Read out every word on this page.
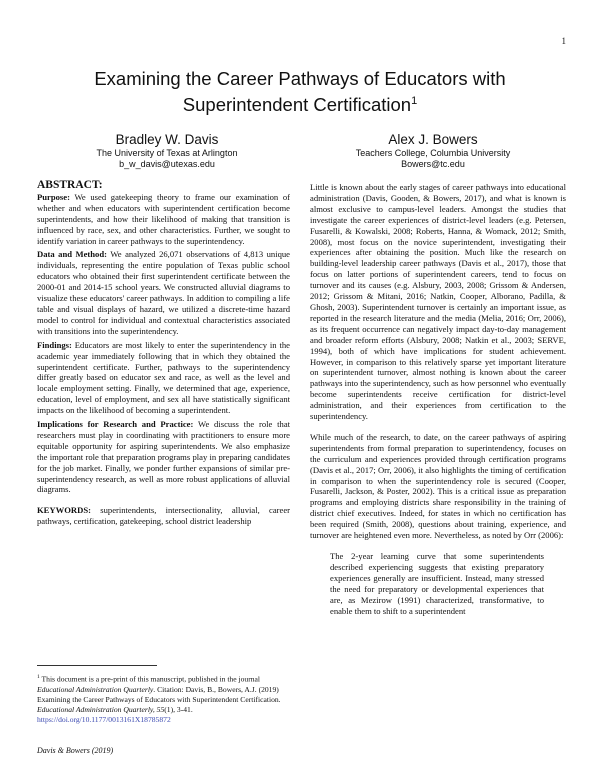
1
Examining the Career Pathways of Educators with
Superintendent Certification$^1$
Bradley W. Davis
The University of Texas at Arlington
b_w_davis@utexas.edu
Alex J. Bowers
Teachers College, Columbia University
Bowers@tc.edu
ABSTRACT:

Purpose: We used gatekeeping theory to frame our examination of whether and when educators with superintendent certification become superintendents, and how their likelihood of making that transition is influenced by race, sex, and other characteristics. Further, we sought to identify variation in career pathways to the superintendency.

Data and Method: We analyzed 26,071 observations of 4,813 unique individuals, representing the entire population of Texas public school educators who obtained their first superintendent certificate between the 2000-01 and 2014-15 school years. We constructed alluvial diagrams to visualize these educators' career pathways. In addition to compiling a life table and visual displays of hazard, we utilized a discrete-time hazard model to control for individual and contextual characteristics associated with transitions into the superintendency.

Findings: Educators are most likely to enter the superintendency in the academic year immediately following that in which they obtained the superintendent certificate. Further, pathways to the superintendency differ greatly based on educator sex and race, as well as the level and locale employment setting. Finally, we determined that age, experience, education, level of employment, and sex all have statistically significant impacts on the likelihood of becoming a superintendent.

Implications for Research and Practice: We discuss the role that researchers must play in coordinating with practitioners to ensure more equitable opportunity for aspiring superintendents. We also emphasize the important role that preparation programs play in preparing candidates for the job market. Finally, we ponder further expansions of similar pre-superintendency research, as well as more robust applications of alluvial diagrams.

KEYWORDS: superintendents, intersectionality, alluvial, career pathways, certification, gatekeeping, school district leadership

Little is known about the early stages of career pathways into educational administration (Davis, Gooden, & Bowers, 2017), and what is known is almost exclusive to campus-level leaders. Amongst the studies that investigate the career experiences of district-level leaders (e.g. Petersen, Fusarelli, & Kowalski, 2008; Roberts, Hanna, & Womack, 2012; Smith, 2008), most focus on the novice superintendent, investigating their experiences after obtaining the position. Much like the research on building-level leadership career pathways (Davis et al., 2017), those that focus on latter portions of superintendent careers, tend to focus on turnover and its causes (e.g. Alsbury, 2003, 2008; Grissom & Andersen, 2012; Grissom & Mitani, 2016; Natkin, Cooper, Alborano, Padilla, & Ghosh, 2003). Superintendent turnover is certainly an important issue, as reported in the research literature and the media (Melia, 2016; Orr, 2006), as its frequent occurrence can negatively impact day-to-day management and broader reform efforts (Alsbury, 2008; Natkin et al., 2003; SERVE, 1994), both of which have implications for student achievement. However, in comparison to this relatively sparse yet important literature on superintendent turnover, almost nothing is known about the career pathways into the superintendency, such as how personnel who eventually become superintendents receive certification for district-level administration, and their experiences from certification to the superintendency.

While much of the research, to date, on the career pathways of aspiring superintendents from formal preparation to superintendency, focuses on the curriculum and experiences provided through certification programs (Davis et al., 2017; Orr, 2006), it also highlights the timing of certification in comparison to when the superintendency role is secured (Cooper, Fusarelli, Jackson, & Poster, 2002). This is a critical issue as preparation programs and employing districts share responsibility in the training of district chief executives. Indeed, for states in which no certification has been required (Smith, 2008), questions about training, experience, and turnover are heightened even more. Nevertheless, as noted by Orr (2006):

The 2-year learning curve that some superintendents described experiencing suggests that existing preparatory experiences generally are insufficient. Instead, many stressed the need for preparatory or developmental experiences that are, as Mezirow (1991) characterized, transformative, to enable them to shift to a superintendent

$^1$ This document is a pre-print of this manuscript, published in the journal Educational Administration Quarterly. Citation: Davis, B., Bowers, A.J. (2019) Examining the Career Pathways of Educators with Superintendent Certification. Educational Administration Quarterly, 55(1), 3-41.
https://doi.org/10.1177/0013161X18785872
Davis & Bowers (2019)
